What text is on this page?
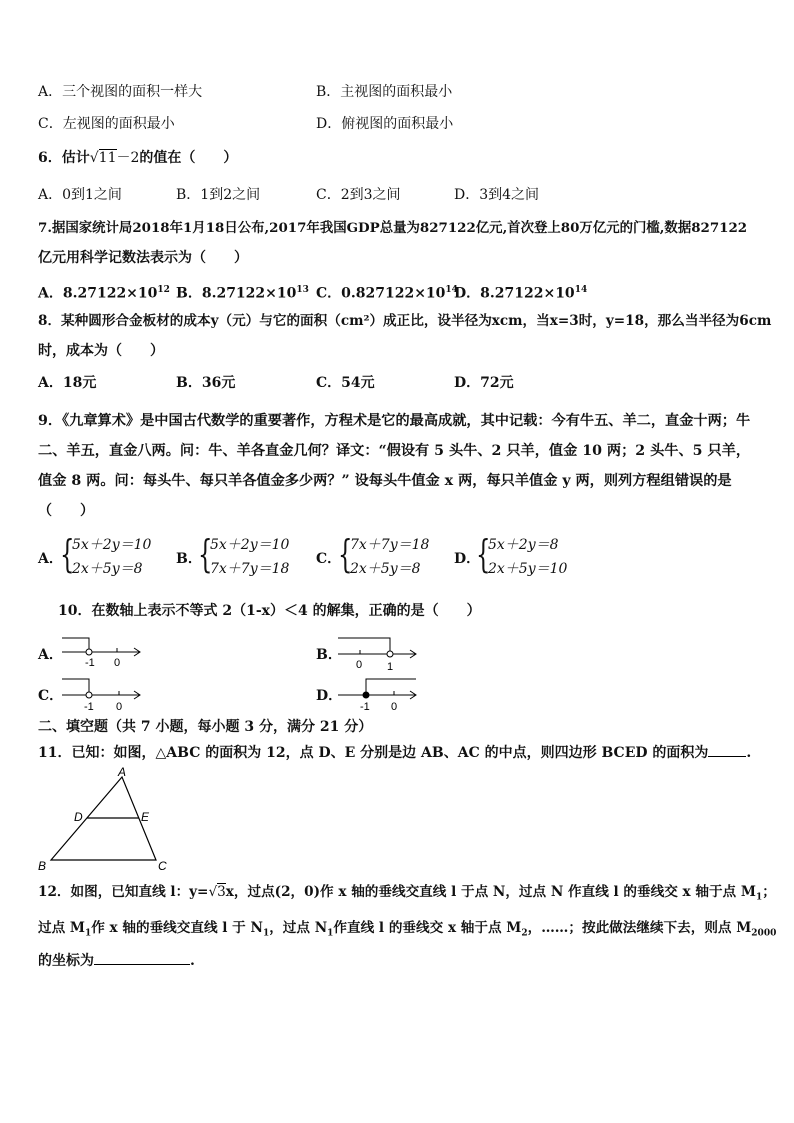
A．三个视图的面积一样大	B．主视图的面积最小
C．左视图的面积最小	D．俯视图的面积最小
6．估计√11－2的值在（　　）
A．0到1之间	B．1到2之间	C．2到3之间	D．3到4之间
7.据国家统计局2018年1月18日公布,2017年我国GDP总量为827122亿元,首次登上80万亿元的门槛,数据827122
亿元用科学记数法表示为（　　）
A．$8.27122\times 10^{12}$ B．$8.27122\times 10^{13}$ C．$0.827122\times 10^{14}$
D．$8.27122\times 10^{14}$
8．某种圆形合金板材的成本y（元）与它的面积（cm²）成正比，设半径为xcm，当x=3时，y=18，那么当半径为6cm
时，成本为（　　）
A．18元	B．36元	C．54元	D．72元
9．《九章算术》是中国古代数学的重要著作，方程术是它的最高成就，其中记载：今有牛五、羊二，直金十两；牛
二、羊五，直金八两。问：牛、羊各直金几何？译文：“假设有 5 头牛、2 只羊，值金 10 两；2 头牛、5 只羊，
值金 8 两。问：每头牛、每只羊各值金多少两？” 设每头牛值金 x 两，每只羊值金 y 两，则列方程组错误的是
（　　）
A．
{
5x＋2y＝10
2x＋5y＝8
B．
{
5x＋2y＝10
7x＋7y＝18
C．
{
7x＋7y＝18
2x＋5y＝8
D．
{
5x＋2y＝8
2x＋5y＝10
10．在数轴上表示不等式 2（1-x）＜4 的解集，正确的是（　　）
A． -1 0	B．
0 1
C．
-1 0
D．
-1 0
二、填空题（共 7 小题，每小题 3 分，满分 21 分）
11．已知：如图，△ABC 的面积为 12，点 D、E 分别是边 AB、AC 的中点，则四边形 BCED 的面积为	.
A
D	E
B	C
12．如图，已知直线 l：y=√3x，过点(2，0)作 x 轴的垂线交直线 l 于点 N，过点 N 作直线 l 的垂线交 x 轴于点 $M_1$；
过点 $M_1$作 x 轴的垂线交直线 l 于 $N_1$，过点 $N_1$作直线 l 的垂线交 x 轴于点 $M_2$，……；按此做法继续下去，则点 $M_{2000}$
的坐标为	.
